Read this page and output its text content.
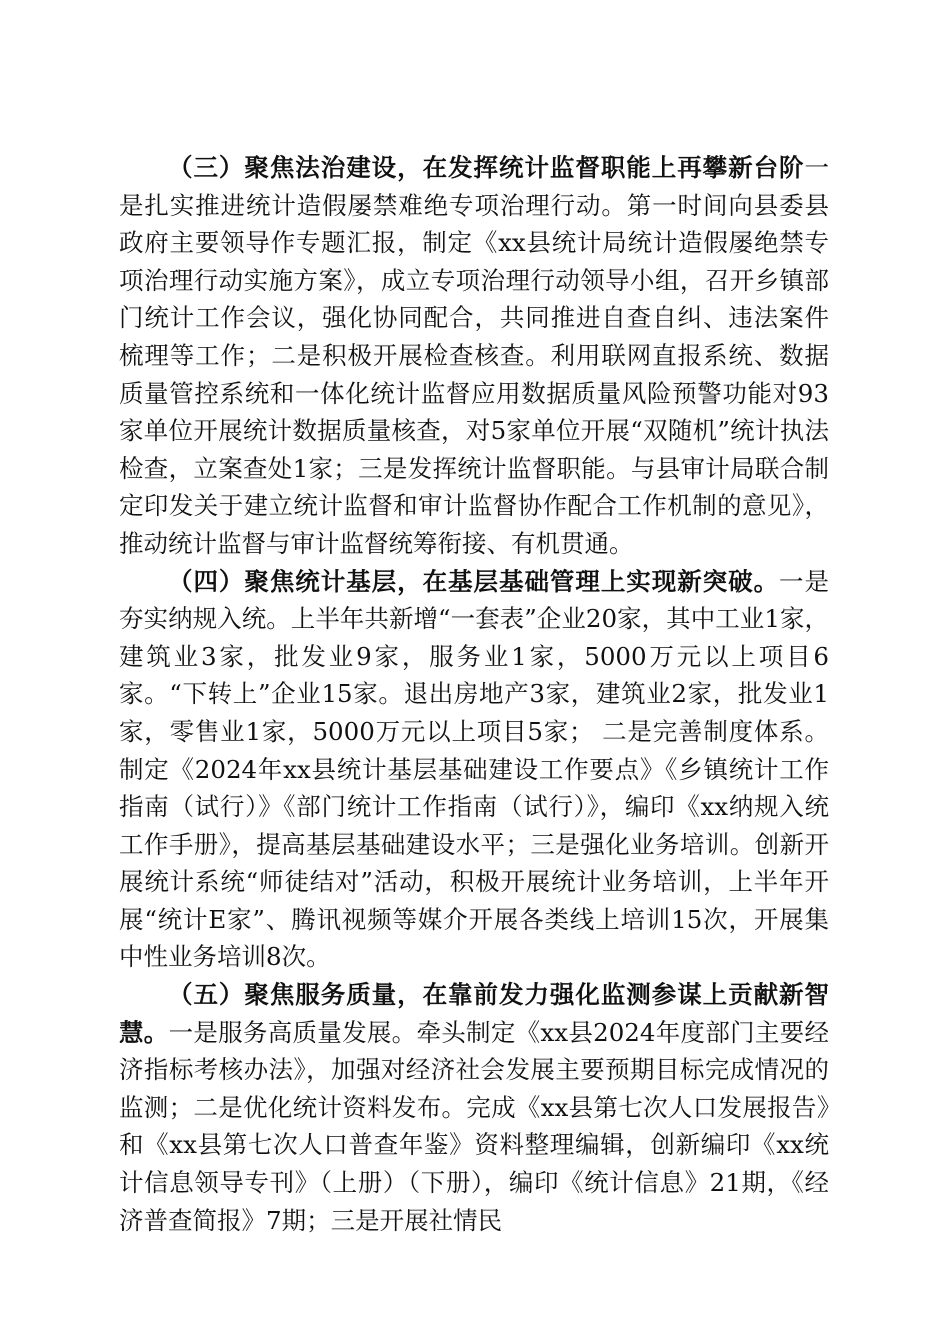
（三）聚焦法治建设，在发挥统计监督职能上再攀新台阶一是扎实推进统计造假屡禁难绝专项治理行动。第一时间向县委县政府主要领导作专题汇报，制定《xx县统计局统计造假屡绝禁专项治理行动实施方案》，成立专项治理行动领导小组，召开乡镇部门统计工作会议，强化协同配合，共同推进自查自纠、违法案件梳理等工作；二是积极开展检查核查。利用联网直报系统、数据质量管控系统和一体化统计监督应用数据质量风险预警功能对93家单位开展统计数据质量核查，对5家单位开展“双随机”统计执法检查，立案查处1家；三是发挥统计监督职能。与县审计局联合制定印发关于建立统计监督和审计监督协作配合工作机制的意见》，推动统计监督与审计监督统筹衔接、有机贯通。

（四）聚焦统计基层，在基层基础管理上实现新突破。一是夯实纳规入统。上半年共新增“一套表”企业20家，其中工业1家，建筑业3家，批发业9家，服务业1家，5000万元以上项目6家。“下转上”企业15家。退出房地产3家，建筑业2家，批发业1家，零售业1家，5000万元以上项目5家； 二是完善制度体系。制定《2024年xx县统计基层基础建设工作要点》《乡镇统计工作指南（试行）》《部门统计工作指南（试行）》，编印《xx纳规入统工作手册》，提高基层基础建设水平；三是强化业务培训。创新开展统计系统“师徒结对”活动，积极开展统计业务培训，上半年开展“统计E家”、腾讯视频等媒介开展各类线上培训15次，开展集中性业务培训8次。

（五）聚焦服务质量，在靠前发力强化监测参谋上贡献新智慧。一是服务高质量发展。牵头制定《xx县2024年度部门主要经济指标考核办法》，加强对经济社会发展主要预期目标完成情况的监测；二是优化统计资料发布。完成《xx县第七次人口发展报告》和《xx县第七次人口普查年鉴》资料整理编辑，创新编印《xx统计信息领导专刊》（上册）（下册），编印《统计信息》21期，《经济普查简报》7期；三是开展社情民
